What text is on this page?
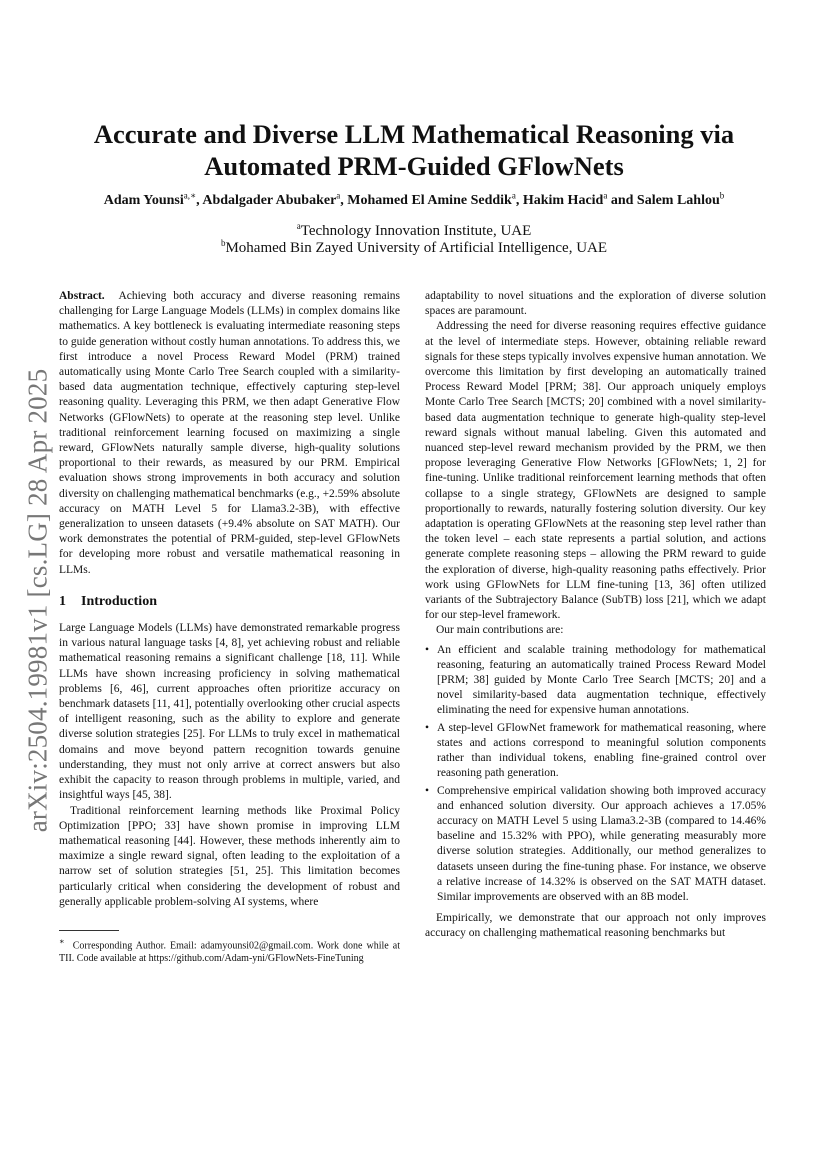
arXiv:2504.19981v1 [cs.LG] 28 Apr 2025
Accurate and Diverse LLM Mathematical Reasoning via
Automated PRM-Guided GFlowNets
Adam Younsi$^{a,∗}$, Abdalgader Abubaker$^a$, Mohamed El Amine Seddik$^a$, Hakim Hacid$^a$ and Salem Lahlou$^b$
$^a$Technology Innovation Institute, UAE
$^b$Mohamed Bin Zayed University of Artificial Intelligence, UAE

Abstract. Achieving both accuracy and diverse reasoning remains challenging for Large Language Models (LLMs) in complex domains like mathematics. A key bottleneck is evaluating intermediate reasoning steps to guide generation without costly human annotations. To address this, we first introduce a novel Process Reward Model (PRM) trained automatically using Monte Carlo Tree Search coupled with a similarity-based data augmentation technique, effectively capturing step-level reasoning quality. Leveraging this PRM, we then adapt Generative Flow Networks (GFlowNets) to operate at the reasoning step level. Unlike traditional reinforcement learning focused on maximizing a single reward, GFlowNets naturally sample diverse, high-quality solutions proportional to their rewards, as measured by our PRM. Empirical evaluation shows strong improvements in both accuracy and solution diversity on challenging mathematical benchmarks (e.g., +2.59% absolute accuracy on MATH Level 5 for Llama3.2-3B), with effective generalization to unseen datasets (+9.4% absolute on SAT MATH). Our work demonstrates the potential of PRM-guided, step-level GFlowNets for developing more robust and versatile mathematical reasoning in LLMs.

1 Introduction

Large Language Models (LLMs) have demonstrated remarkable progress in various natural language tasks [4, 8], yet achieving robust and reliable mathematical reasoning remains a significant challenge [18, 11]. While LLMs have shown increasing proficiency in solving mathematical problems [6, 46], current approaches often prioritize accuracy on benchmark datasets [11, 41], potentially overlooking other crucial aspects of intelligent reasoning, such as the ability to explore and generate diverse solution strategies [25]. For LLMs to truly excel in mathematical domains and move beyond pattern recognition towards genuine understanding, they must not only arrive at correct answers but also exhibit the capacity to reason through problems in multiple, varied, and insightful ways [45, 38].

Traditional reinforcement learning methods like Proximal Policy Optimization [PPO; 33] have shown promise in improving LLM mathematical reasoning [44]. However, these methods inherently aim to maximize a single reward signal, often leading to the exploitation of a narrow set of solution strategies [51, 25]. This limitation becomes particularly critical when considering the development of robust and generally applicable problem-solving AI systems, where

∗ Corresponding Author. Email: adamyounsi02@gmail.com. Work done while at TII. Code available at https://github.com/Adam-yni/GFlowNets-FineTuning

adaptability to novel situations and the exploration of diverse solution spaces are paramount.

Addressing the need for diverse reasoning requires effective guidance at the level of intermediate steps. However, obtaining reliable reward signals for these steps typically involves expensive human annotation. We overcome this limitation by first developing an automatically trained Process Reward Model [PRM; 38]. Our approach uniquely employs Monte Carlo Tree Search [MCTS; 20] combined with a novel similarity-based data augmentation technique to generate high-quality step-level reward signals without manual labeling. Given this automated and nuanced step-level reward mechanism provided by the PRM, we then propose leveraging Generative Flow Networks [GFlowNets; 1, 2] for fine-tuning. Unlike traditional reinforcement learning methods that often collapse to a single strategy, GFlowNets are designed to sample proportionally to rewards, naturally fostering solution diversity. Our key adaptation is operating GFlowNets at the reasoning step level rather than the token level – each state represents a partial solution, and actions generate complete reasoning steps – allowing the PRM reward to guide the exploration of diverse, high-quality reasoning paths effectively. Prior work using GFlowNets for LLM fine-tuning [13, 36] often utilized variants of the Subtrajectory Balance (SubTB) loss [21], which we adapt for our step-level framework.

Our main contributions are:

• An efficient and scalable training methodology for mathematical reasoning, featuring an automatically trained Process Reward Model [PRM; 38] guided by Monte Carlo Tree Search [MCTS; 20] and a novel similarity-based data augmentation technique, effectively eliminating the need for expensive human annotations.
• A step-level GFlowNet framework for mathematical reasoning, where states and actions correspond to meaningful solution components rather than individual tokens, enabling fine-grained control over reasoning path generation.
• Comprehensive empirical validation showing both improved accuracy and enhanced solution diversity. Our approach achieves a 17.05% accuracy on MATH Level 5 using Llama3.2-3B (compared to 14.46% baseline and 15.32% with PPO), while generating measurably more diverse solution strategies. Additionally, our method generalizes to datasets unseen during the fine-tuning phase. For instance, we observe a relative increase of 14.32% is observed on the SAT MATH dataset. Similar improvements are observed with an 8B model.

Empirically, we demonstrate that our approach not only improves accuracy on challenging mathematical reasoning benchmarks but
